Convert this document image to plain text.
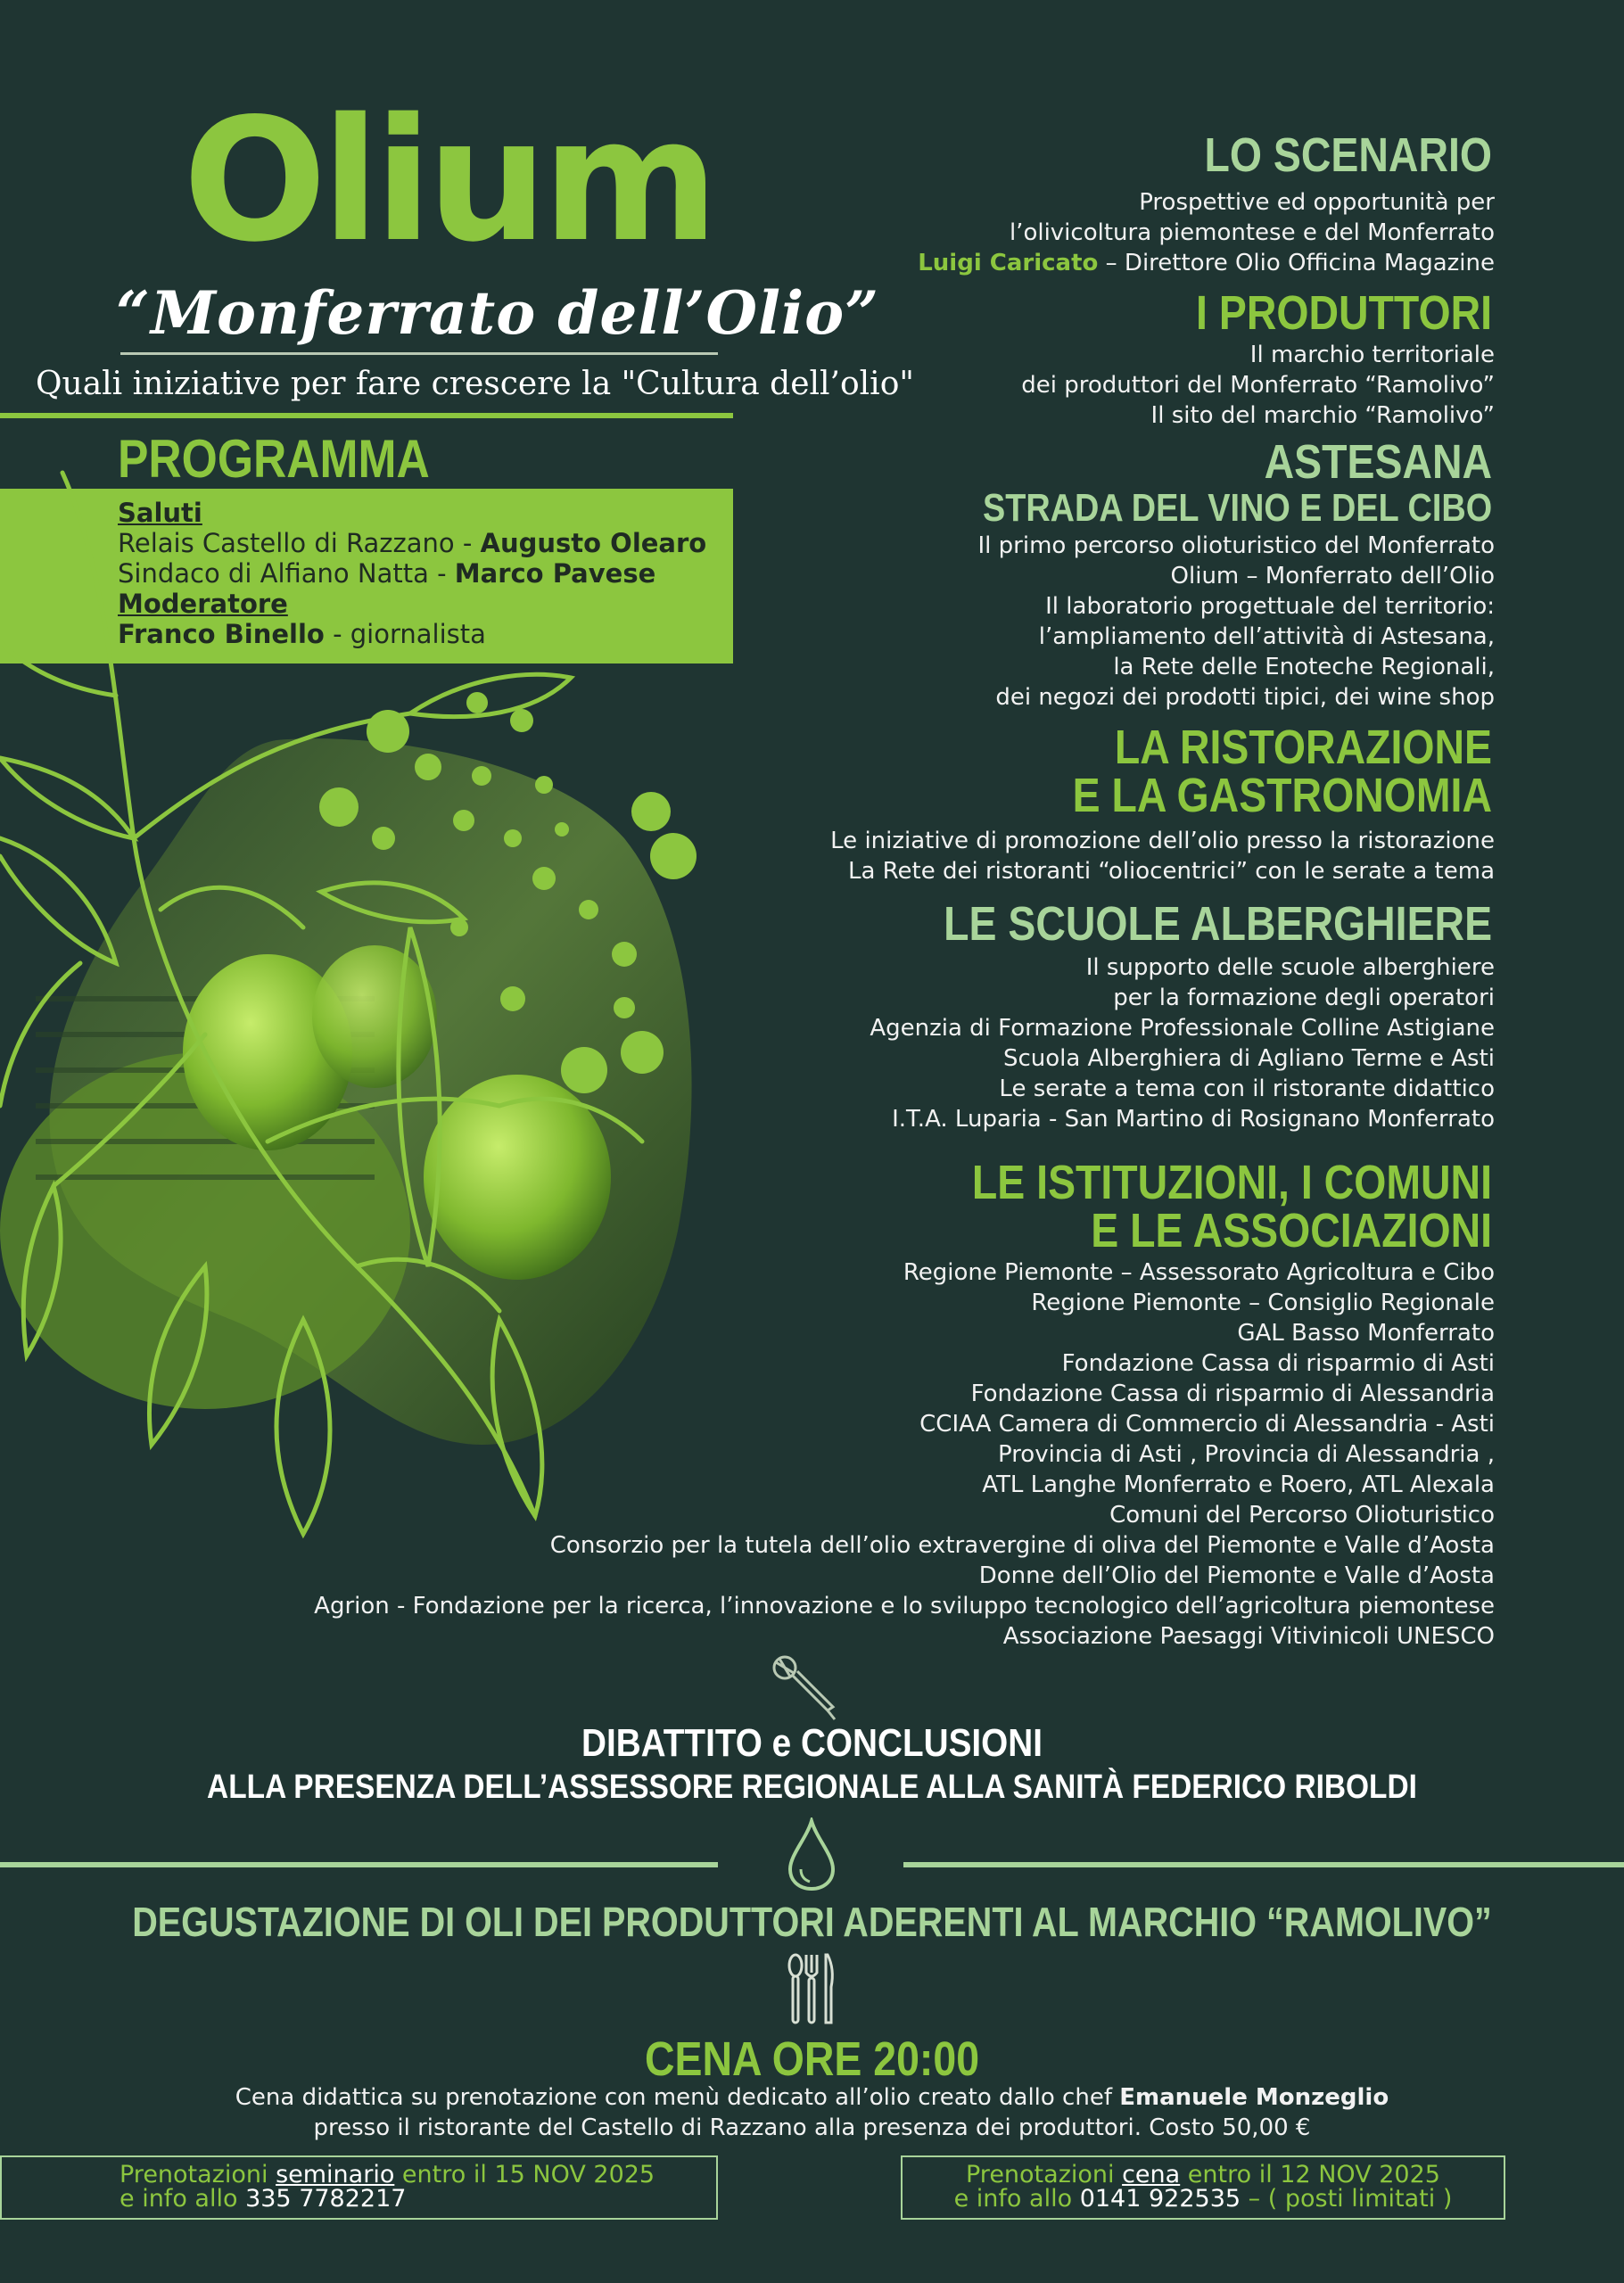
Olium
“Monferrato dell’Olio”
Quali iniziative per fare crescere la "Cultura dell’olio"
PROGRAMMA
Saluti
Relais Castello di Razzano - Augusto Olearo
Sindaco di Alfiano Natta - Marco Pavese
Moderatore
Franco Binello - giornalista
LO SCENARIO
Prospettive ed opportunità per
l’olivicoltura piemontese e del Monferrato
Luigi Caricato – Direttore Olio Officina Magazine
I PRODUTTORI
Il marchio territoriale
dei produttori del Monferrato “Ramolivo”
Il sito del marchio “Ramolivo”
ASTESANA
STRADA DEL VINO E DEL CIBO
Il primo percorso olioturistico del Monferrato
Olium – Monferrato dell’Olio
Il laboratorio progettuale del territorio:
l’ampliamento dell’attività di Astesana,
la Rete delle Enoteche Regionali,
dei negozi dei prodotti tipici, dei wine shop
LA RISTORAZIONE
E LA GASTRONOMIA
Le iniziative di promozione dell’olio presso la ristorazione
La Rete dei ristoranti “oliocentrici” con le serate a tema
LE SCUOLE ALBERGHIERE
Il supporto delle scuole alberghiere
per la formazione degli operatori
Agenzia di Formazione Professionale Colline Astigiane
Scuola Alberghiera di Agliano Terme e Asti
Le serate a tema con il ristorante didattico
I.T.A. Luparia - San Martino di Rosignano Monferrato
LE ISTITUZIONI, I COMUNI
E LE ASSOCIAZIONI
Regione Piemonte – Assessorato Agricoltura e Cibo
Regione Piemonte – Consiglio Regionale
GAL Basso Monferrato
Fondazione Cassa di risparmio di Asti
Fondazione Cassa di risparmio di Alessandria
CCIAA Camera di Commercio di Alessandria - Asti
Provincia di Asti , Provincia di Alessandria ,
ATL Langhe Monferrato e Roero, ATL Alexala
Comuni del Percorso Olioturistico
Consorzio per la tutela dell’olio extravergine di oliva del Piemonte e Valle d’Aosta
Donne dell’Olio del Piemonte e Valle d’Aosta
Agrion - Fondazione per la ricerca, l’innovazione e lo sviluppo tecnologico dell’agricoltura piemontese
Associazione Paesaggi Vitivinicoli UNESCO
DIBATTITO e CONCLUSIONI
ALLA PRESENZA DELL’ASSESSORE REGIONALE ALLA SANITÀ FEDERICO RIBOLDI
DEGUSTAZIONE DI OLI DEI PRODUTTORI ADERENTI AL MARCHIO “RAMOLIVO”
CENA ORE 20:00
Cena didattica su prenotazione con menù dedicato all’olio creato dallo chef Emanuele Monzeglio
presso il ristorante del Castello di Razzano alla presenza dei produttori. Costo 50,00 €
Prenotazioni seminario entro il 15 NOV 2025
e info allo 335 7782217
Prenotazioni cena entro il 12 NOV 2025
e info allo 0141 922535 – ( posti limitati )
